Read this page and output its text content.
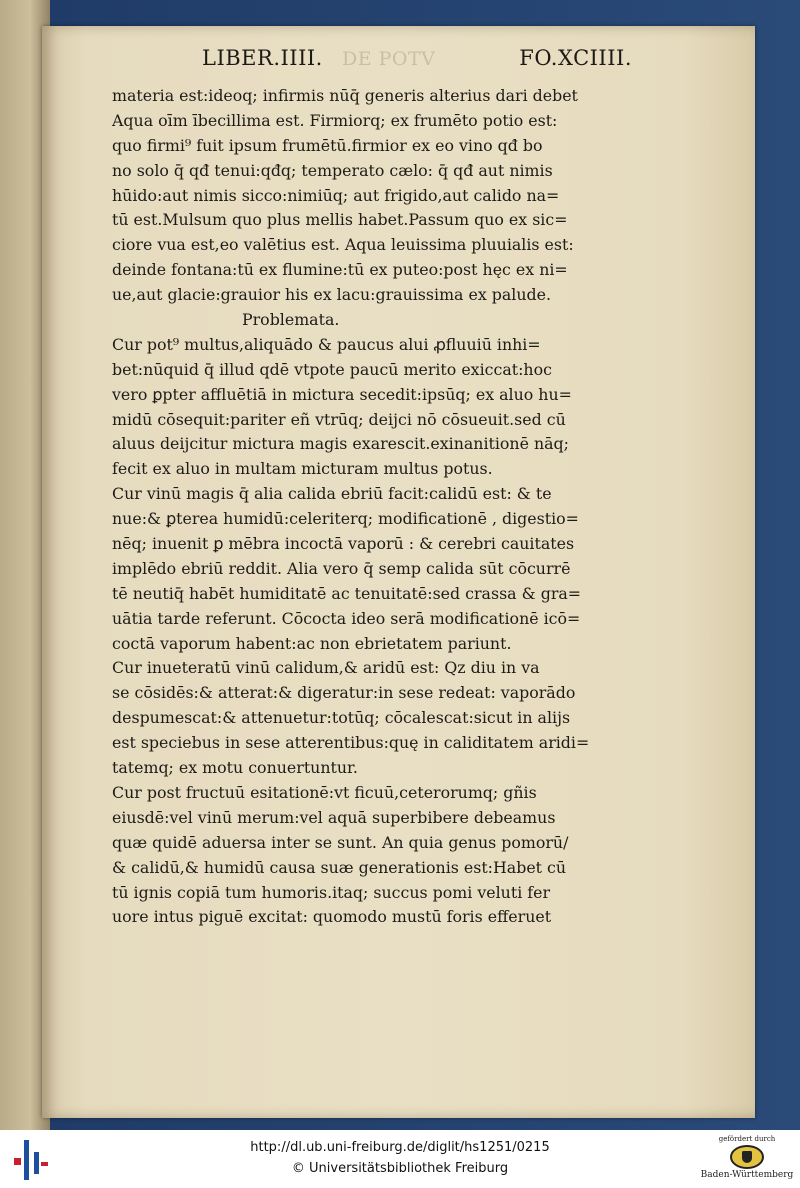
LIBER.IIII. DE POTV	FO.XCIIII.
materia est:ideoq; infirmis nūq̄ generis alterius dari debet
Aqua oīm ībecillima est. Firmiorq; ex frumēto potio est:
quo firmi⁹ fuit ipsum frumētū.firmior ex eo vino qđ bo
no solo q̄ qđ tenui:qđq; temperato cælo: q̄ qđ aut nimis
hūido:aut nimis sicco:nimiūq; aut frigido,aut calido na=
tū est.Mulsum quo plus mellis habet.Passum quo ex sic=
ciore vua est,eo valētius est. Aqua leuissima pluuialis est:
deinde fontana:tū ex flumine:tū ex puteo:post hęc ex ni=
ue,aut glacie:grauior his ex lacu:grauissima ex palude.
Problemata.
Cur pot⁹ multus,aliquādo & paucus alui ꝓfluuiū inhi=
bet:nūquid q̄ illud qdē vtpote paucū merito exiccat:hoc
vero ꝑpter affluētiā in mictura secedit:ipsūq; ex aluo hu=
midū cōsequit:pariter eñ vtrūq; deijci nō cōsueuit.sed cū
aluus deijcitur mictura magis exarescit.exinanitionē nāq;
fecit ex aluo in multam micturam multus potus.
Cur vinū magis q̄ alia calida ebriū facit:calidū est: & te
nue:& ꝑterea humidū:celeriterq; modificationē , digestio=
nēq; inuenit ꝑ mēbra incoctā vaporū : & cerebri cauitates
implēdo ebriū reddit. Alia vero q̄ semp calida sūt cōcurrē
tē neutiq̄ habēt humiditatē ac tenuitatē:sed crassa & gra=
uātia tarde referunt. Cōcocta ideo serā modificationē icō=
coctā vaporum habent:ac non ebrietatem pariunt.
Cur inueteratū vinū calidum,& aridū est: Qz diu in va
se cōsidēs:& atterat:& digeratur:in sese redeat: vaporādo
despumescat:& attenuetur:totūq; cōcalescat:sicut in alijs
est speciebus in sese atterentibus:quę in caliditatem aridi=
tatemq; ex motu conuertuntur.
Cur post fructuū esitationē:vt ficuū,ceterorumq; gñis
eiusdē:vel vinū merum:vel aquā superbibere debeamus
quæ quidē aduersa inter se sunt. An quia genus pomorū/
& calidū,& humidū causa suæ generationis est:Habet cū
tū ignis copiā tum humoris.itaq; succus pomi veluti fer
uore intus piguē excitat: quomodo mustū foris efferuet
http://dl.ub.uni-freiburg.de/diglit/hs1251/0215
© Universitätsbibliothek Freiburg
gefördert durch
Baden-Württemberg
